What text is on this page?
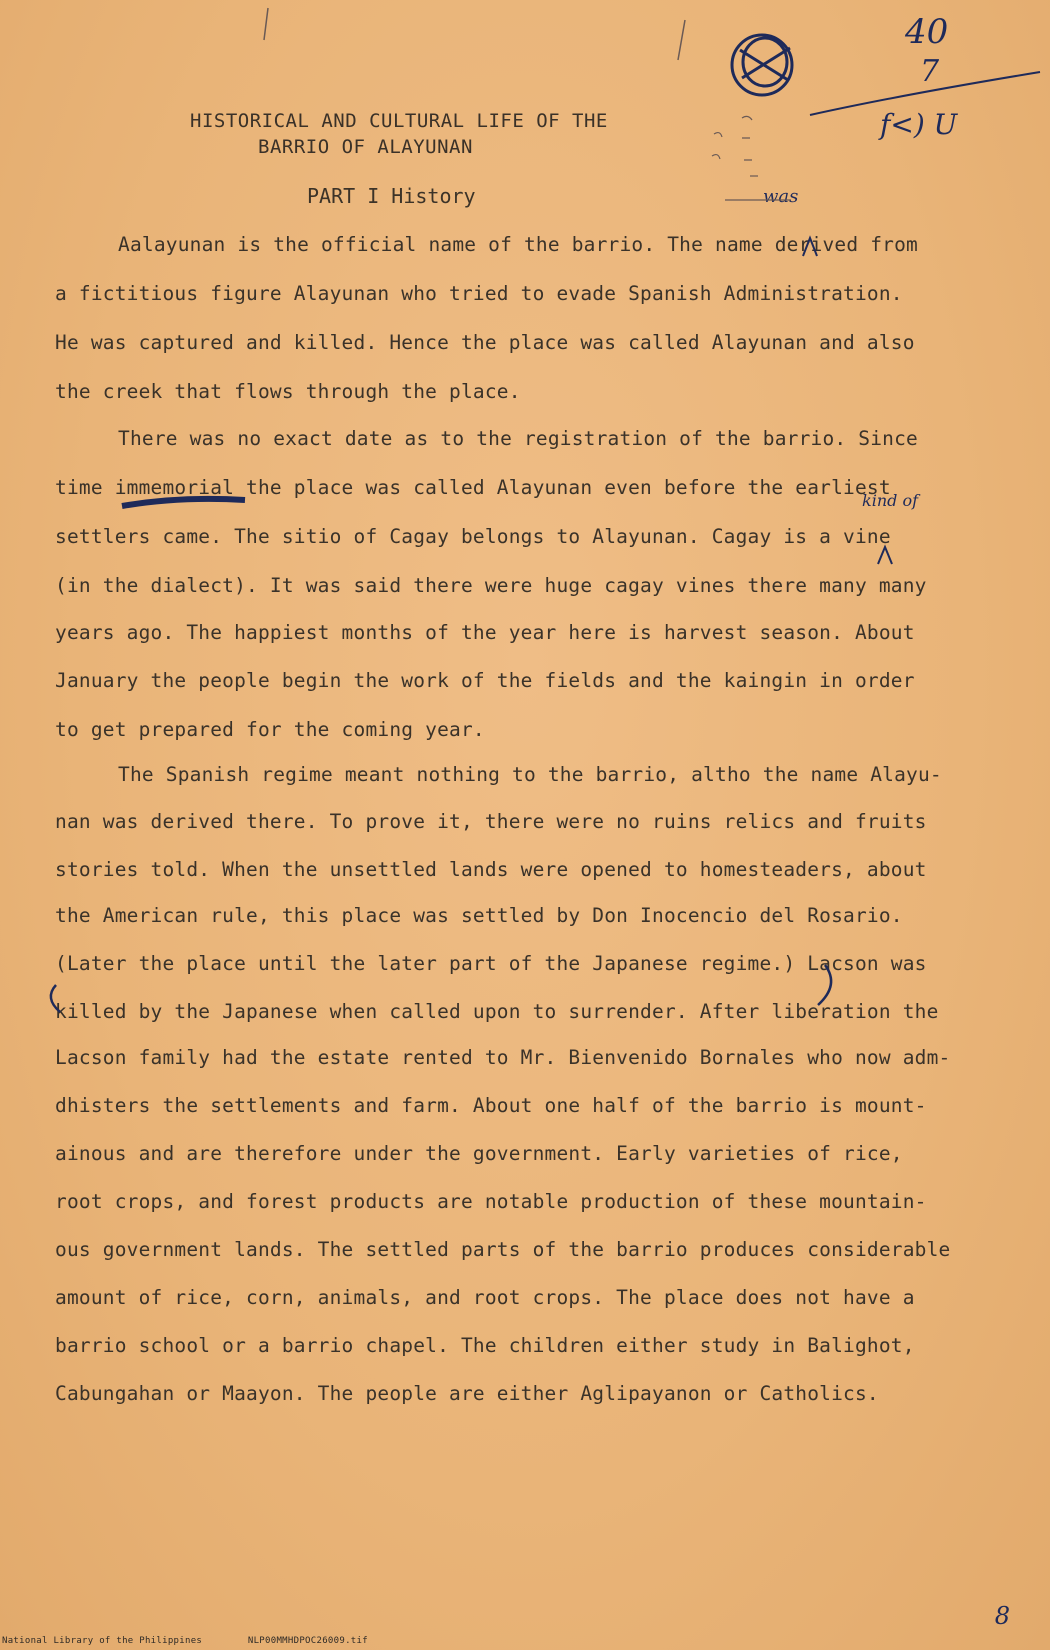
HISTORICAL AND CULTURAL LIFE OF THE
BARRIO OF ALAYUNAN
PART I History
Aalayunan is the official name of the barrio. The name derived from
a fictitious figure Alayunan who tried to evade Spanish Administration.
He was captured and killed. Hence the place was called Alayunan and also
the creek that flows through the place.
There was no exact date as to the registration of the barrio. Since
time immemorial the place was called Alayunan even before the earliest
settlers came. The sitio of Cagay belongs to Alayunan. Cagay is a vine
(in the dialect). It was said there were huge cagay vines there many many
years ago. The happiest months of the year here is harvest season. About
January the people begin the work of the fields and the kaingin in order
to get prepared for the coming year.
The Spanish regime meant nothing to the barrio, altho the name Alayu-
nan was derived there. To prove it, there were no ruins relics and fruits
stories told. When the unsettled lands were opened to homesteaders, about
the American rule, this place was settled by Don Inocencio del Rosario.
(Later the place until the later part of the Japanese regime.) Lacson was
killed by the Japanese when called upon to surrender. After liberation the
Lacson family had the estate rented to Mr. Bienvenido Bornales who now adm-
dhisters the settlements and farm. About one half of the barrio is mount-
ainous and are therefore under the government. Early varieties of rice,
root crops, and forest products are notable production of these mountain-
ous government lands. The settled parts of the barrio produces considerable
amount of rice, corn, animals, and root crops. The place does not have a
barrio school or a barrio chapel. The children either study in Balighot,
Cabungahan or Maayon. The people are either Aglipayanon or Catholics.
was
kind of
40
7
f<) U
National Library of the Philippines	NLP00MMHDPOC26009.tif
8
